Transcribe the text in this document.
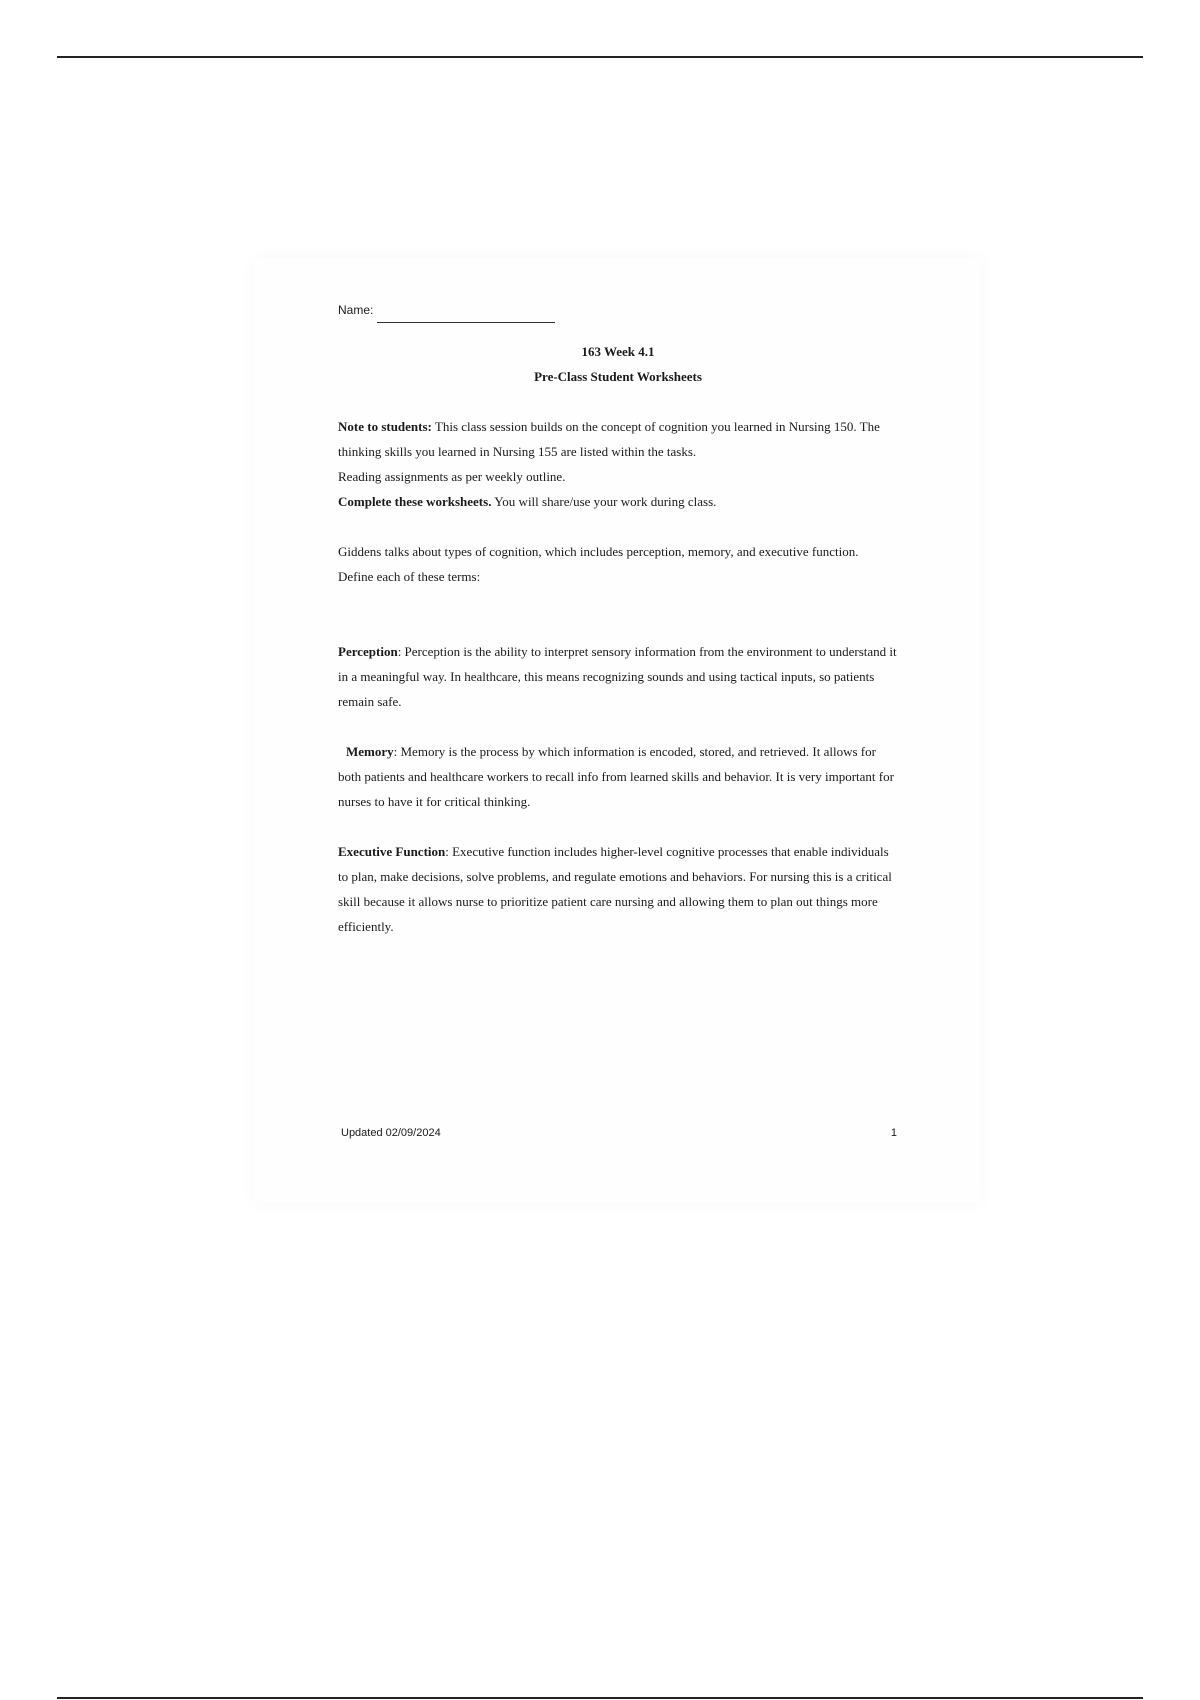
Name:
163 Week 4.1
Pre-Class Student Worksheets

Note to students: This class session builds on the concept of cognition you learned in Nursing 150. The thinking skills you learned in Nursing 155 are listed within the tasks.

Reading assignments as per weekly outline.

Complete these worksheets. You will share/use your work during class.

Giddens talks about types of cognition, which includes perception, memory, and executive function.

Define each of these terms:

Perception: Perception is the ability to interpret sensory information from the environment to understand it in a meaningful way. In healthcare, this means recognizing sounds and using tactical inputs, so patients remain safe.

Memory: Memory is the process by which information is encoded, stored, and retrieved. It allows for both patients and healthcare workers to recall info from learned skills and behavior. It is very important for nurses to have it for critical thinking.

Executive Function: Executive function includes higher-level cognitive processes that enable individuals to plan, make decisions, solve problems, and regulate emotions and behaviors. For nursing this is a critical skill because it allows nurse to prioritize patient care nursing and allowing them to plan out things more efficiently.

Updated 02/09/2024	1
